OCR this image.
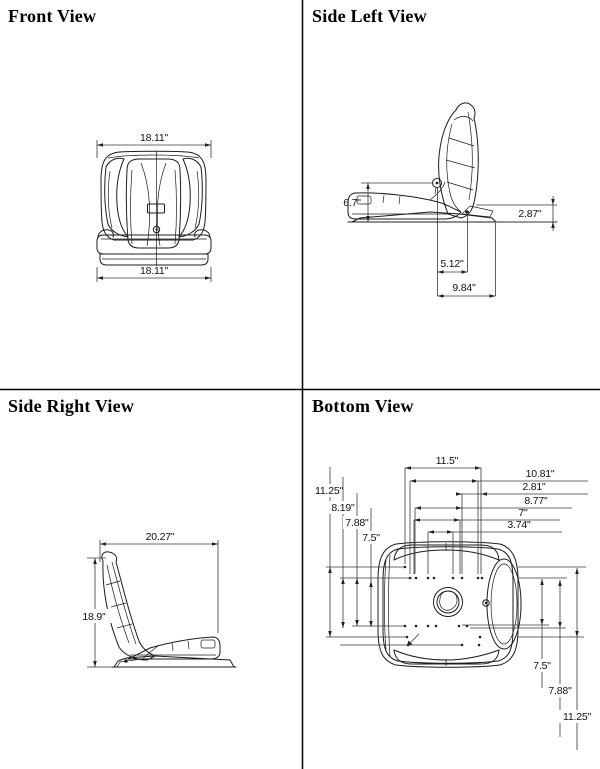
18.11"
18.11"
6.7"
2.87"
5.12"
9.84"
20.27"
18.9"
11.5"
10.81"
2.81"
8.77"
7"
3.74"
11.25"
8.19"
7.88"
7.5"
7.5"
7.88"
11.25"
Front View	Side Left View
Side Right View	Bottom View
